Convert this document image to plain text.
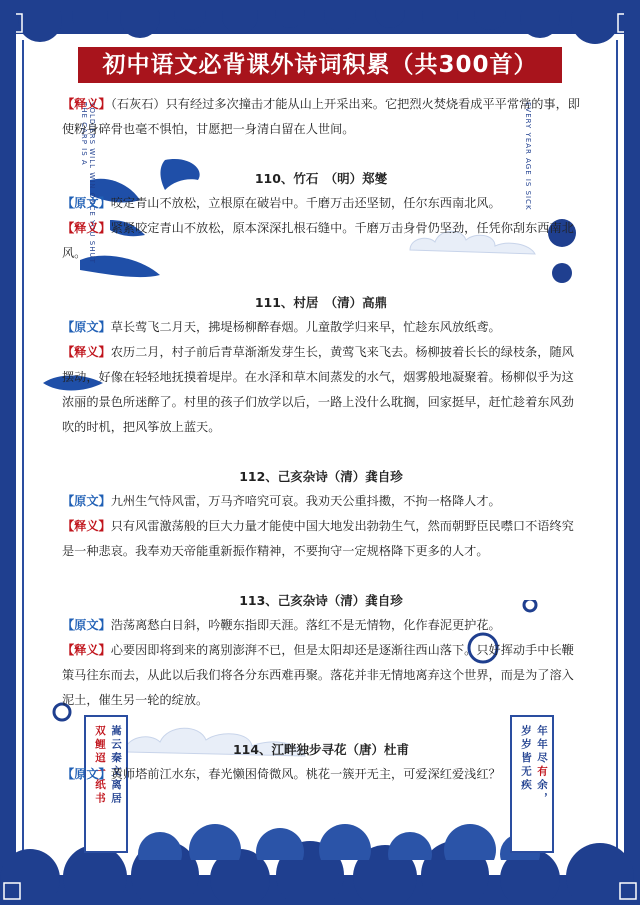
初中语文必背课外诗词积累（共300首）
SOLDIERS WILL WIN ONCE YOU SHUT THE CARP IS A	EVERY YEAR AGE IS SICK
嵩云秦文离居
双鲤迢一纸书	年年尽有余，
岁岁皆无疾

【释义】（石灰石）只有经过多次撞击才能从山上开采出来。它把烈火焚烧看成平平常常的事，即使粉身碎骨也毫不惧怕，甘愿把一身清白留在人世间。

110、竹石　（明）郑燮

【原文】咬定青山不放松，立根原在破岩中。千磨万击还坚韧，任尔东西南北风。

【释义】紧紧咬定青山不放松，原本深深扎根石缝中。千磨万击身骨仍坚劲，任凭你刮东西南北风。

111、村居　（清）高鼎

【原文】草长莺飞二月天，拂堤杨柳醉春烟。儿童散学归来早，忙趁东风放纸鸢。

【释义】农历二月，村子前后青草渐渐发芽生长，黄莺飞来飞去。杨柳披着长长的绿枝条，随风摆动，好像在轻轻地抚摸着堤岸。在水泽和草木间蒸发的水气，烟雾般地凝聚着。杨柳似乎为这浓丽的景色所迷醉了。村里的孩子们放学以后，一路上没什么耽搁，回家挺早，赶忙趁着东风劲吹的时机，把风筝放上蓝天。

112、己亥杂诗（清）龚自珍

【原文】九州生气恃风雷，万马齐喑究可哀。我劝天公重抖擞，不拘一格降人才。

【释义】只有风雷激荡般的巨大力量才能使中国大地发出勃勃生气，然而朝野臣民噤口不语终究是一种悲哀。我奉劝天帝能重新振作精神，不要拘守一定规格降下更多的人才。

113、己亥杂诗（清）龚自珍

【原文】浩荡离愁白日斜，吟鞭东指即天涯。落红不是无情物，化作春泥更护花。

【释义】心要因即将到来的离别澎湃不已，但是太阳却还是逐渐往西山落下。只好挥动手中长鞭策马往东而去，从此以后我们将各分东西难再聚。落花并非无情地离弃这个世界，而是为了溶入泥土，催生另一轮的绽放。

114、江畔独步寻花（唐）杜甫

【原文】黄师塔前江水东，春光懒困倚微风。桃花一簇开无主，可爱深红爱浅红？
